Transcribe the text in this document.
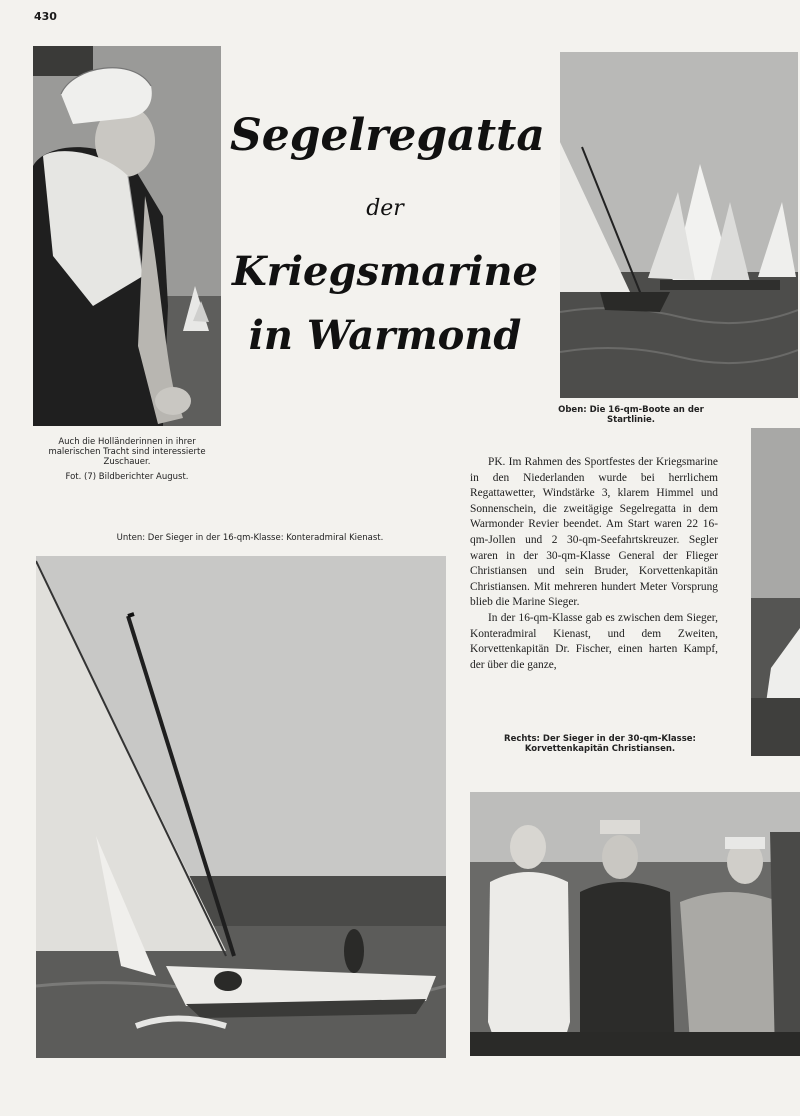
430
Auch die Holländerinnen in ihrer malerischen Tracht sind interessierte Zuschauer.
Fot. (7) Bildberichter August.
Segelregatta
der
Kriegsmarine
in Warmond
Oben: Die 16-qm-Boote an der Startlinie.
Unten: Der Sieger in der 16-qm-Klasse: Konteradmiral Kienast.

PK. Im Rahmen des Sportfestes der Kriegsmarine in den Niederlanden wurde bei herrlichem Regattawetter, Windstärke 3, klarem Himmel und Sonnenschein, die zweitägige Segelregatta in dem Warmonder Revier beendet. Am Start waren 22 16-qm-Jollen und 2 30-qm-Seefahrtskreuzer. Segler waren in der 30-qm-Klasse General der Flieger Christiansen und sein Bruder, Korvettenkapitän Christiansen. Mit mehreren hundert Meter Vorsprung blieb die Marine Sieger.

In der 16-qm-Klasse gab es zwischen dem Sieger, Konteradmiral Kienast, und dem Zweiten, Korvettenkapitän Dr. Fischer, einen harten Kampf, der über die ganze,

Rechts: Der Sieger in der 30-qm-Klasse: Korvettenkapitän Christiansen.
